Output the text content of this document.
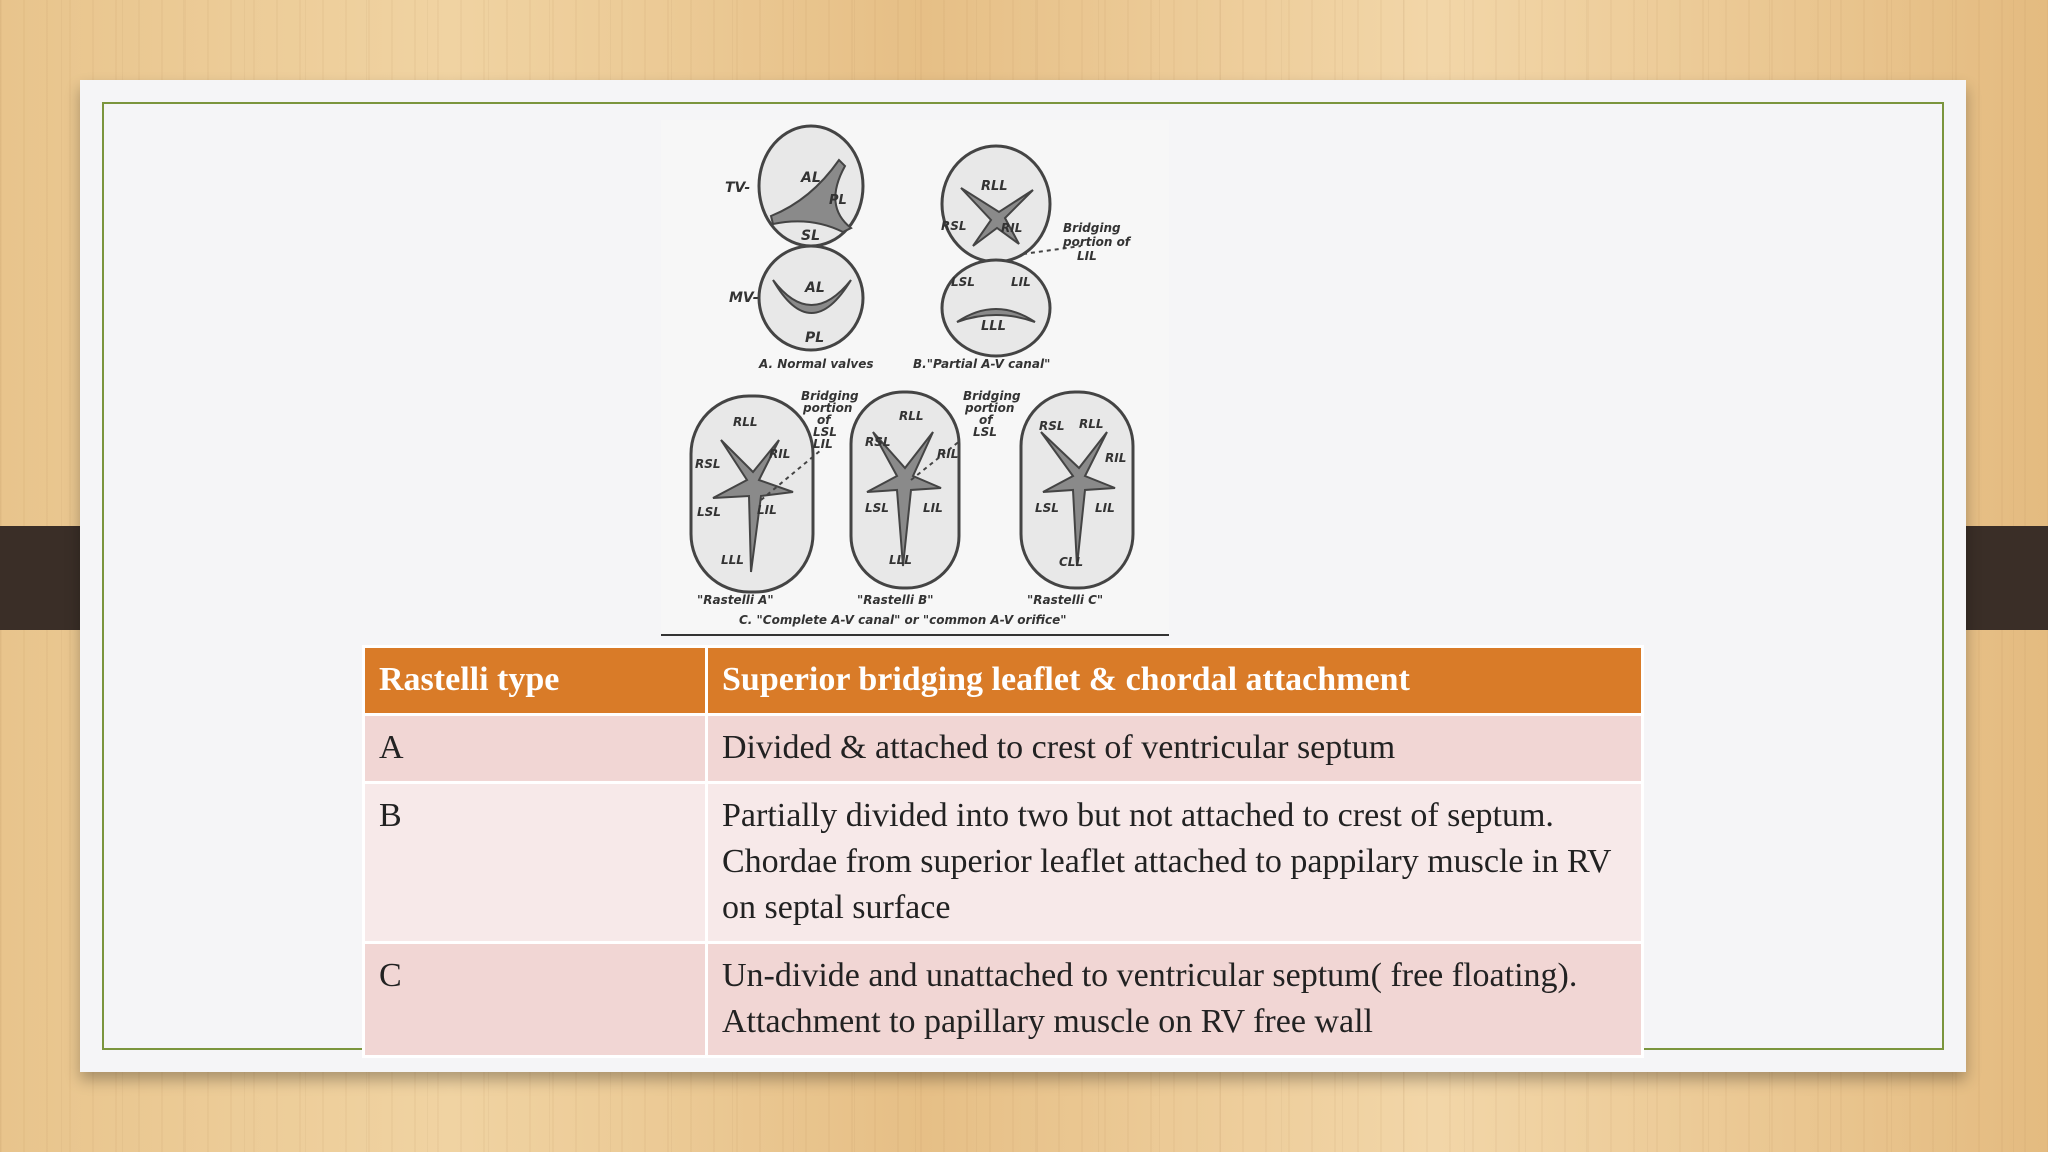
TV-
MV-
AL
PL
SL
AL
PL
RLL
RSL	RIL
LSL	LIL
LLL
Bridging
portion of
LIL
A. Normal valves	B."Partial A-V canal"
Bridging
portion
of
LSL
LIL
Bridging
portion
of
LSL
RLL
RSL
RIL
LSL	LIL
LLL
RLL
RSL
RIL
LSL	LIL
LLL
RSL RLL
RIL
LSL	LIL
CLL
"Rastelli A"	"Rastelli B"	"Rastelli C"
C. "Complete A-V canal" or "common A-V orifice"
Rastelli type	Superior bridging leaflet & chordal attachment
A	Divided & attached to crest of ventricular septum
B	Partially divided into two but not attached to crest of septum. Chordae from superior leaflet attached to pappilary muscle in RV on septal surface
C	Un-divide and unattached to ventricular septum( free floating). Attachment to papillary muscle on RV free wall
